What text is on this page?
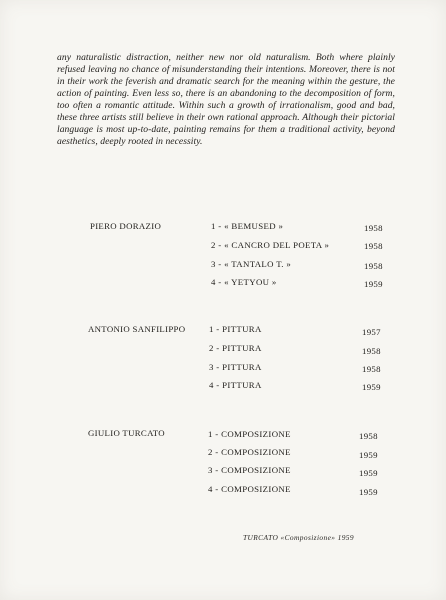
any naturalistic distraction, neither new nor old naturalism. Both where plainly refused leaving no chance of misunderstanding their intentions. Moreover, there is not in their work the feverish and dramatic search for the meaning within the gesture, the action of painting. Even less so, there is an abandoning to the decomposition of form, too often a romantic attitude. Within such a growth of irrationalism, good and bad, these three artists still believe in their own rational approach. Although their pictorial language is most up-to-date, painting remains for them a traditional activity, beyond aesthetics, deeply rooted in necessity.

PIERO DORAZIO	1 - « BEMUSED »	1958
2 - « CANCRO DEL POETA »	1958
3 - « TANTALO T. »	1958
4 - « YETYOU »	1959
ANTONIO SANFILIPPO	1 - PITTURA	1957
2 - PITTURA	1958
3 - PITTURA	1958
4 - PITTURA	1959
GIULIO TURCATO	1 - COMPOSIZIONE	1958
2 - COMPOSIZIONE	1959
3 - COMPOSIZIONE	1959
4 - COMPOSIZIONE	1959
TURCATO «Composizione» 1959
